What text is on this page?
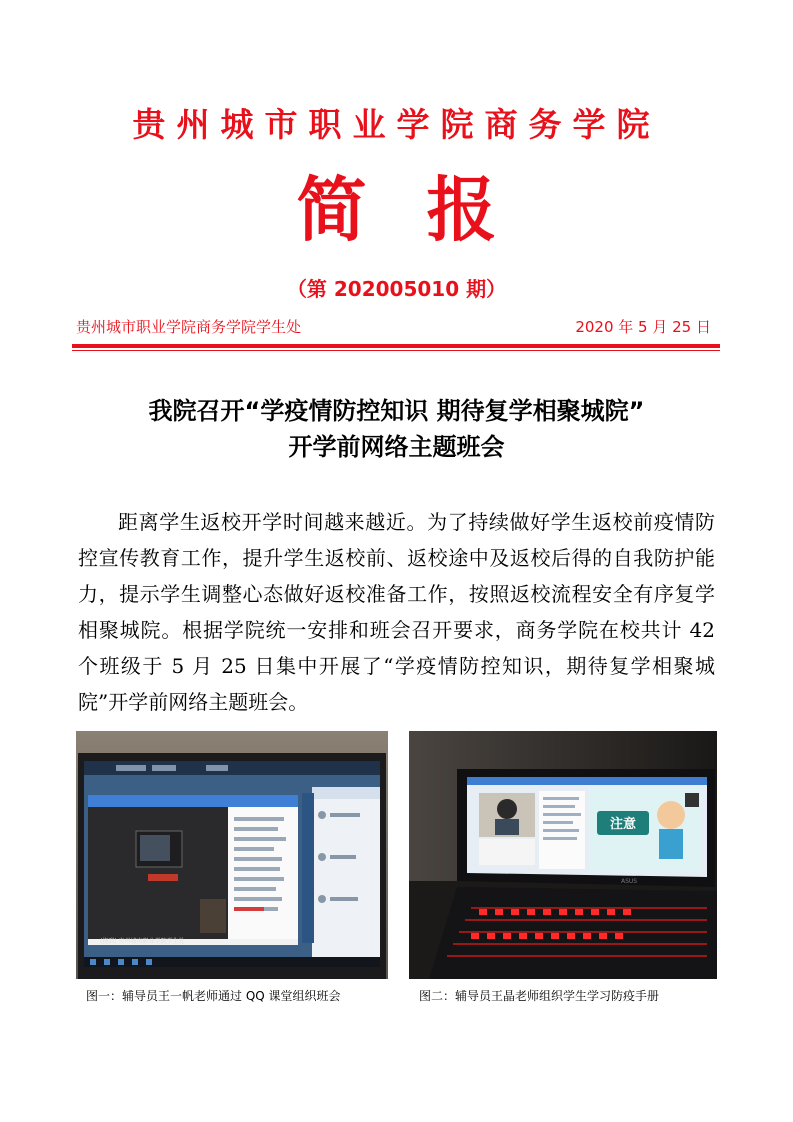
贵州城市职业学院商务学院
简 报
（第 202005010 期）
贵州城市职业学院商务学院学生处	2020 年 5 月 25 日
我院召开“学疫情防控知识 期待复学相聚城院”
开学前网络主题班会
距离学生返校开学时间越来越近。为了持续做好学生返校前疫情防控宣传教育工作，提升学生返校前、返校途中及返校后得的自我防护能力，提示学生调整心态做好返校准备工作，按照返校流程安全有序复学相聚城院。根据学院统一安排和班会召开要求，商务学院在校共计 42 个班级于 5 月 25 日集中开展了“学疫情防控知识，期待复学相聚城院”开学前网络主题班会。
(拖到) 贵州城市职业学院学生处
注意
ASUS
图一：辅导员王一帆老师通过 QQ 课堂组织班会	图二：辅导员王晶老师组织学生学习防疫手册
